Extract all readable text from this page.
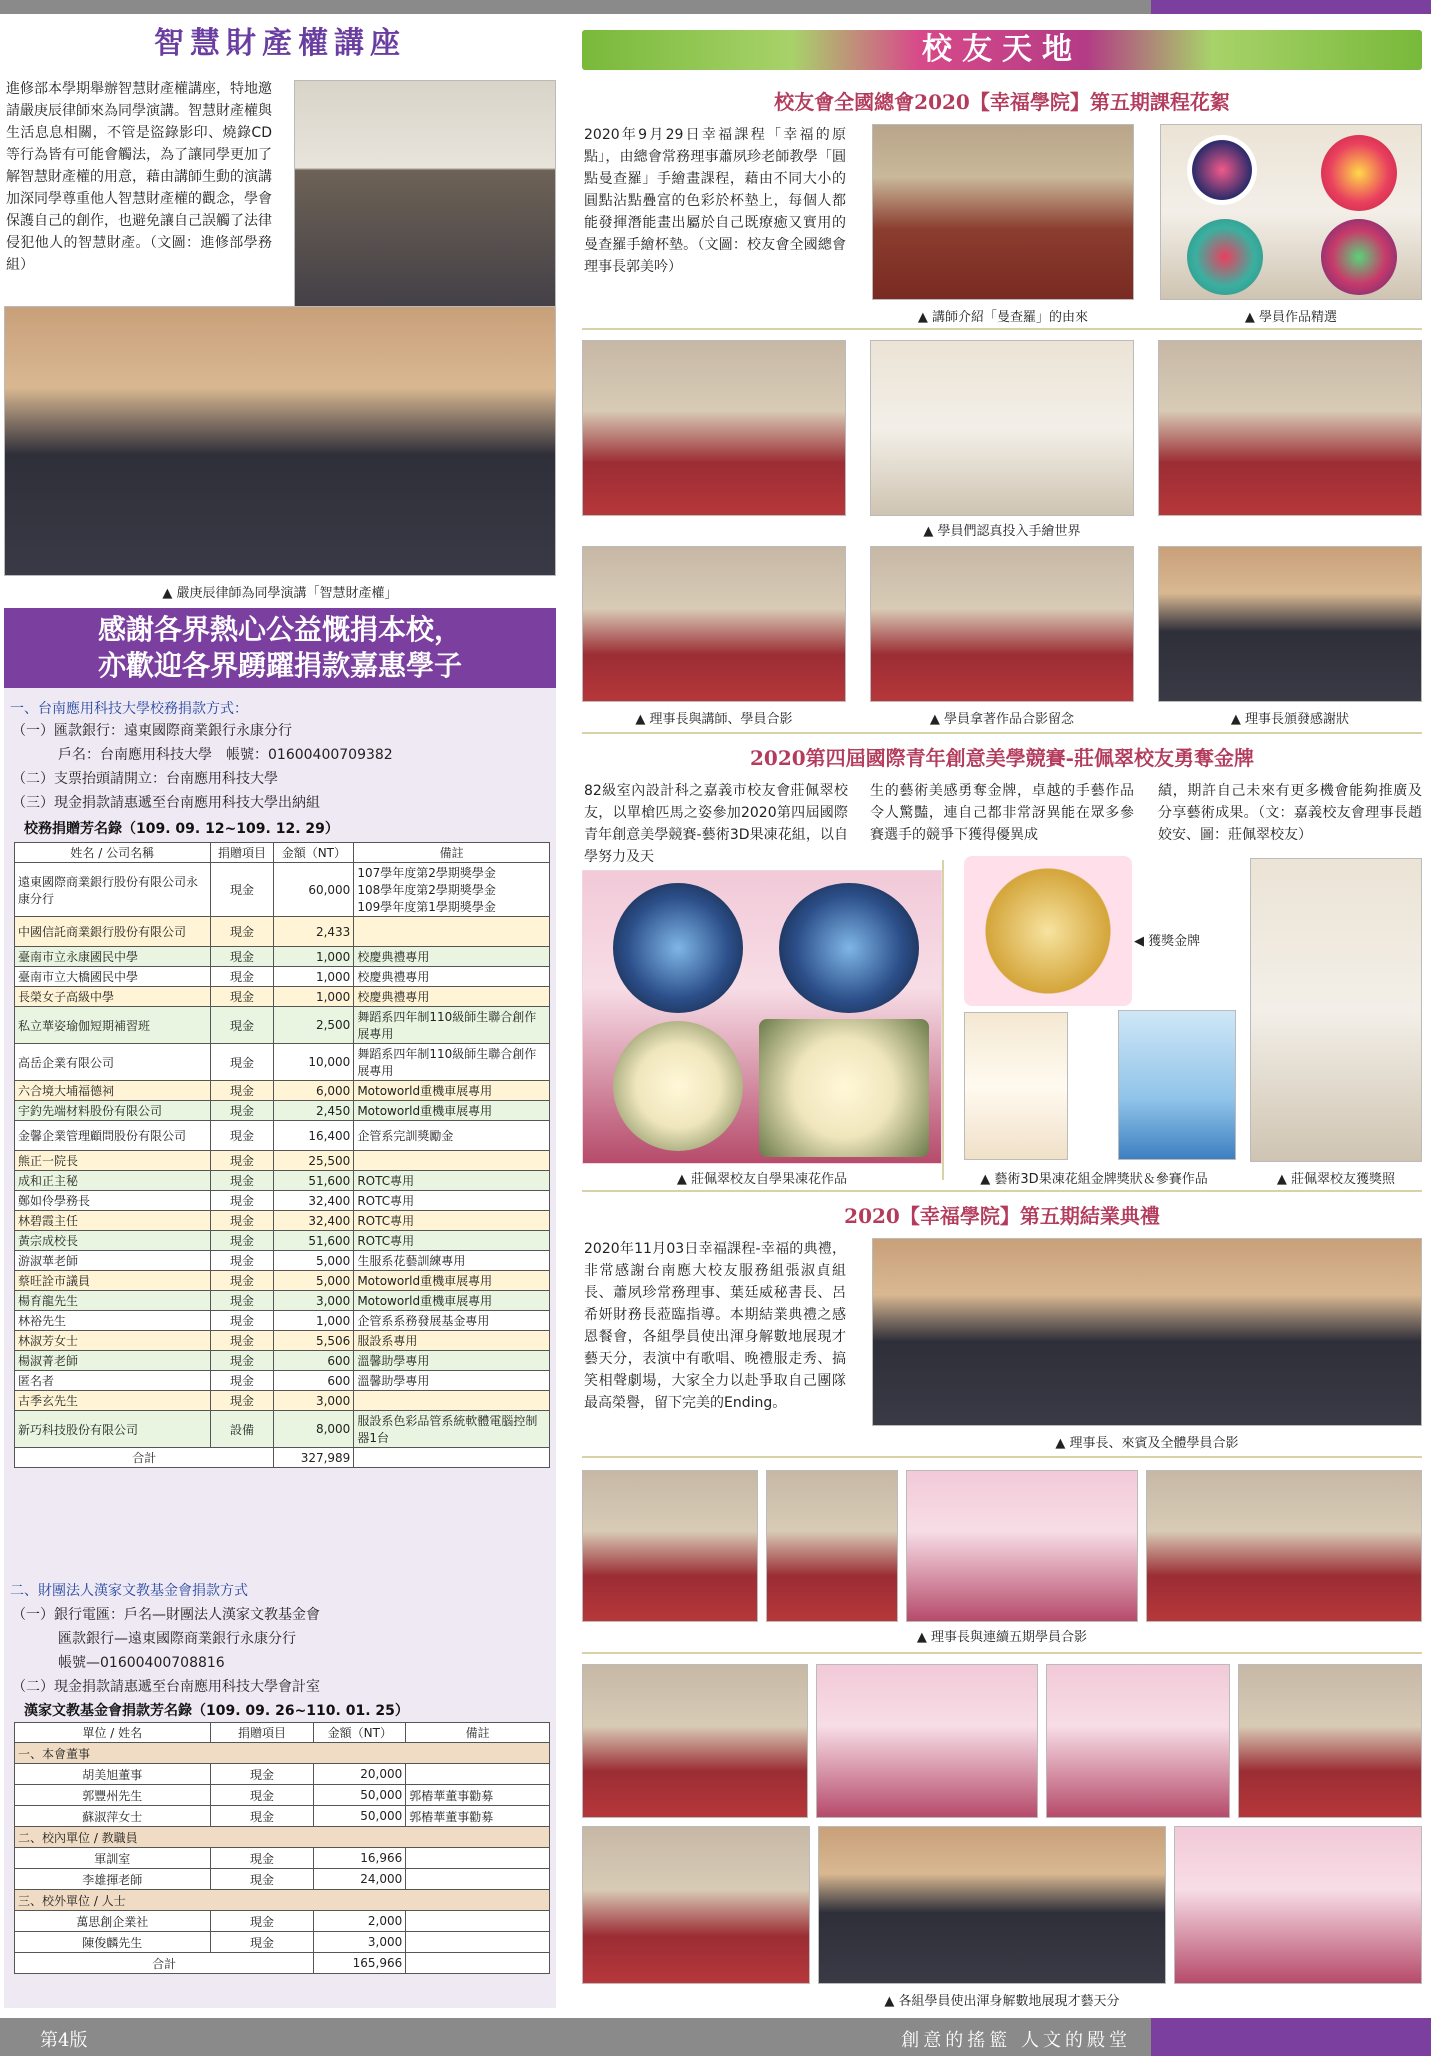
智慧財產權講座
進修部本學期舉辦智慧財產權講座，特地邀請嚴庚辰律師來為同學演講。智慧財產權與生活息息相關，不管是盜錄影印、燒錄CD等行為皆有可能會觸法，為了讓同學更加了解智慧財產權的用意，藉由講師生動的演講加深同學尊重他人智慧財產權的觀念，學會保護自己的創作，也避免讓自己誤觸了法律侵犯他人的智慧財產。（文圖：進修部學務組）
▲ 嚴庚辰律師為同學演講「智慧財產權」
感謝各界熱心公益慨捐本校，
亦歡迎各界踴躍捐款嘉惠學子
一、台南應用科技大學校務捐款方式：
（一）匯款銀行：遠東國際商業銀行永康分行
戶名：台南應用科技大學　帳號：01600400709382
（二）支票抬頭請開立：台南應用科技大學
（三）現金捐款請惠遞至台南應用科技大學出納組
校務捐贈芳名錄（109. 09. 12~109. 12. 29）
姓名 / 公司名稱	捐贈項目	金額（NT）	備註
遠東國際商業銀行股份有限公司永康分行	現金	60,000	107學年度第2學期獎學金
108學年度第2學期獎學金
109學年度第1學期獎學金
中國信託商業銀行股份有限公司	現金	2,433	
臺南市立永康國民中學	現金	1,000	校慶典禮專用
臺南市立大橋國民中學	現金	1,000	校慶典禮專用
長榮女子高級中學	現金	1,000	校慶典禮專用
私立華姿瑜伽短期補習班	現金	2,500	舞蹈系四年制110級師生聯合創作展專用
高岳企業有限公司	現金	10,000	舞蹈系四年制110級師生聯合創作展專用
六合境大埔福德祠	現金	6,000	Motoworld重機車展專用
宇釣先端材料股份有限公司	現金	2,450	Motoworld重機車展專用
金馨企業管理顧問股份有限公司	現金	16,400	企管系完訓獎勵金
熊正一院長	現金	25,500	
成和正主秘	現金	51,600	ROTC專用
鄭如伶學務長	現金	32,400	ROTC專用
林碧霞主任	現金	32,400	ROTC專用
黃宗成校長	現金	51,600	ROTC專用
游淑華老師	現金	5,000	生服系花藝訓練專用
蔡旺詮市議員	現金	5,000	Motoworld重機車展專用
楊育龍先生	現金	3,000	Motoworld重機車展專用
林裕先生	現金	1,000	企管系系務發展基金專用
林淑芳女士	現金	5,506	服設系專用
楊淑菁老師	現金	600	溫馨助學專用
匿名者	現金	600	溫馨助學專用
古季玄先生	現金	3,000	
新巧科技股份有限公司	設備	8,000	服設系色彩品管系統軟體電腦控制器1台
合計		327,989	
二、財團法人漢家文教基金會捐款方式
（一）銀行電匯：戶名—財團法人漢家文教基金會
匯款銀行—遠東國際商業銀行永康分行
帳號—01600400708816
（二）現金捐款請惠遞至台南應用科技大學會計室
漢家文教基金會捐款芳名錄（109. 09. 26~110. 01. 25）
單位 / 姓名	捐贈項目	金額（NT）	備註
一、本會董事			
胡美旭董事	現金	20,000	
郭豐州先生	現金	50,000	郭樁華董事勸募
蘇淑萍女士	現金	50,000	郭樁華董事勸募
二、校內單位 / 教職員			
軍訓室	現金	16,966	
李雄揮老師	現金	24,000	
三、校外單位 / 人士			
萬思創企業社	現金	2,000	
陳俊麟先生	現金	3,000	
合計		165,966	
校友天地
校友會全國總會2020【幸福學院】第五期課程花絮
2020年9月29日幸福課程「幸福的原點」，由總會常務理事蕭夙珍老師教學「圓點曼查羅」手繪畫課程，藉由不同大小的圓點沾點疊富的色彩於杯墊上，每個人都能發揮潛能畫出屬於自己既療癒又實用的曼查羅手繪杯墊。（文圖：校友會全國總會理事長郭美吟）
▲ 講師介紹「曼查羅」的由來	▲ 學員作品精選
▲ 學員們認真投入手繪世界
▲ 理事長與講師、學員合影	▲ 學員拿著作品合影留念	▲ 理事長頒發感謝狀
2020第四屆國際青年創意美學競賽-莊佩翠校友勇奪金牌
82級室內設計科之嘉義市校友會莊佩翠校友，以單槍匹馬之姿參加2020第四屆國際青年創意美學競賽-藝術3D果凍花組，以自學努力及天
生的藝術美感勇奪金牌，卓越的手藝作品令人驚豔，連自己都非常訝異能在眾多參賽選手的競爭下獲得優異成
績，期許自己未來有更多機會能夠推廣及分享藝術成果。（文：嘉義校友會理事長趙姣安、圖：莊佩翠校友）
▲ 莊佩翠校友自學果凍花作品
◀ 獲獎金牌
▲ 藝術3D果凍花組金牌獎狀＆參賽作品	▲ 莊佩翠校友獲獎照
2020【幸福學院】第五期結業典禮
2020年11月03日幸福課程-幸福的典禮，非常感謝台南應大校友服務組張淑貞組長、蕭夙珍常務理事、葉廷威秘書長、呂希妍財務長蒞臨指導。本期結業典禮之感恩餐會，各組學員使出渾身解數地展現才藝天分，表演中有歌唱、晚禮服走秀、搞笑相聲劇場，大家全力以赴爭取自己團隊最高榮譽，留下完美的Ending。
▲ 理事長、來賓及全體學員合影
▲ 理事長與連續五期學員合影
▲ 各組學員使出渾身解數地展現才藝天分
第4版	創意的搖籃 人文的殿堂
